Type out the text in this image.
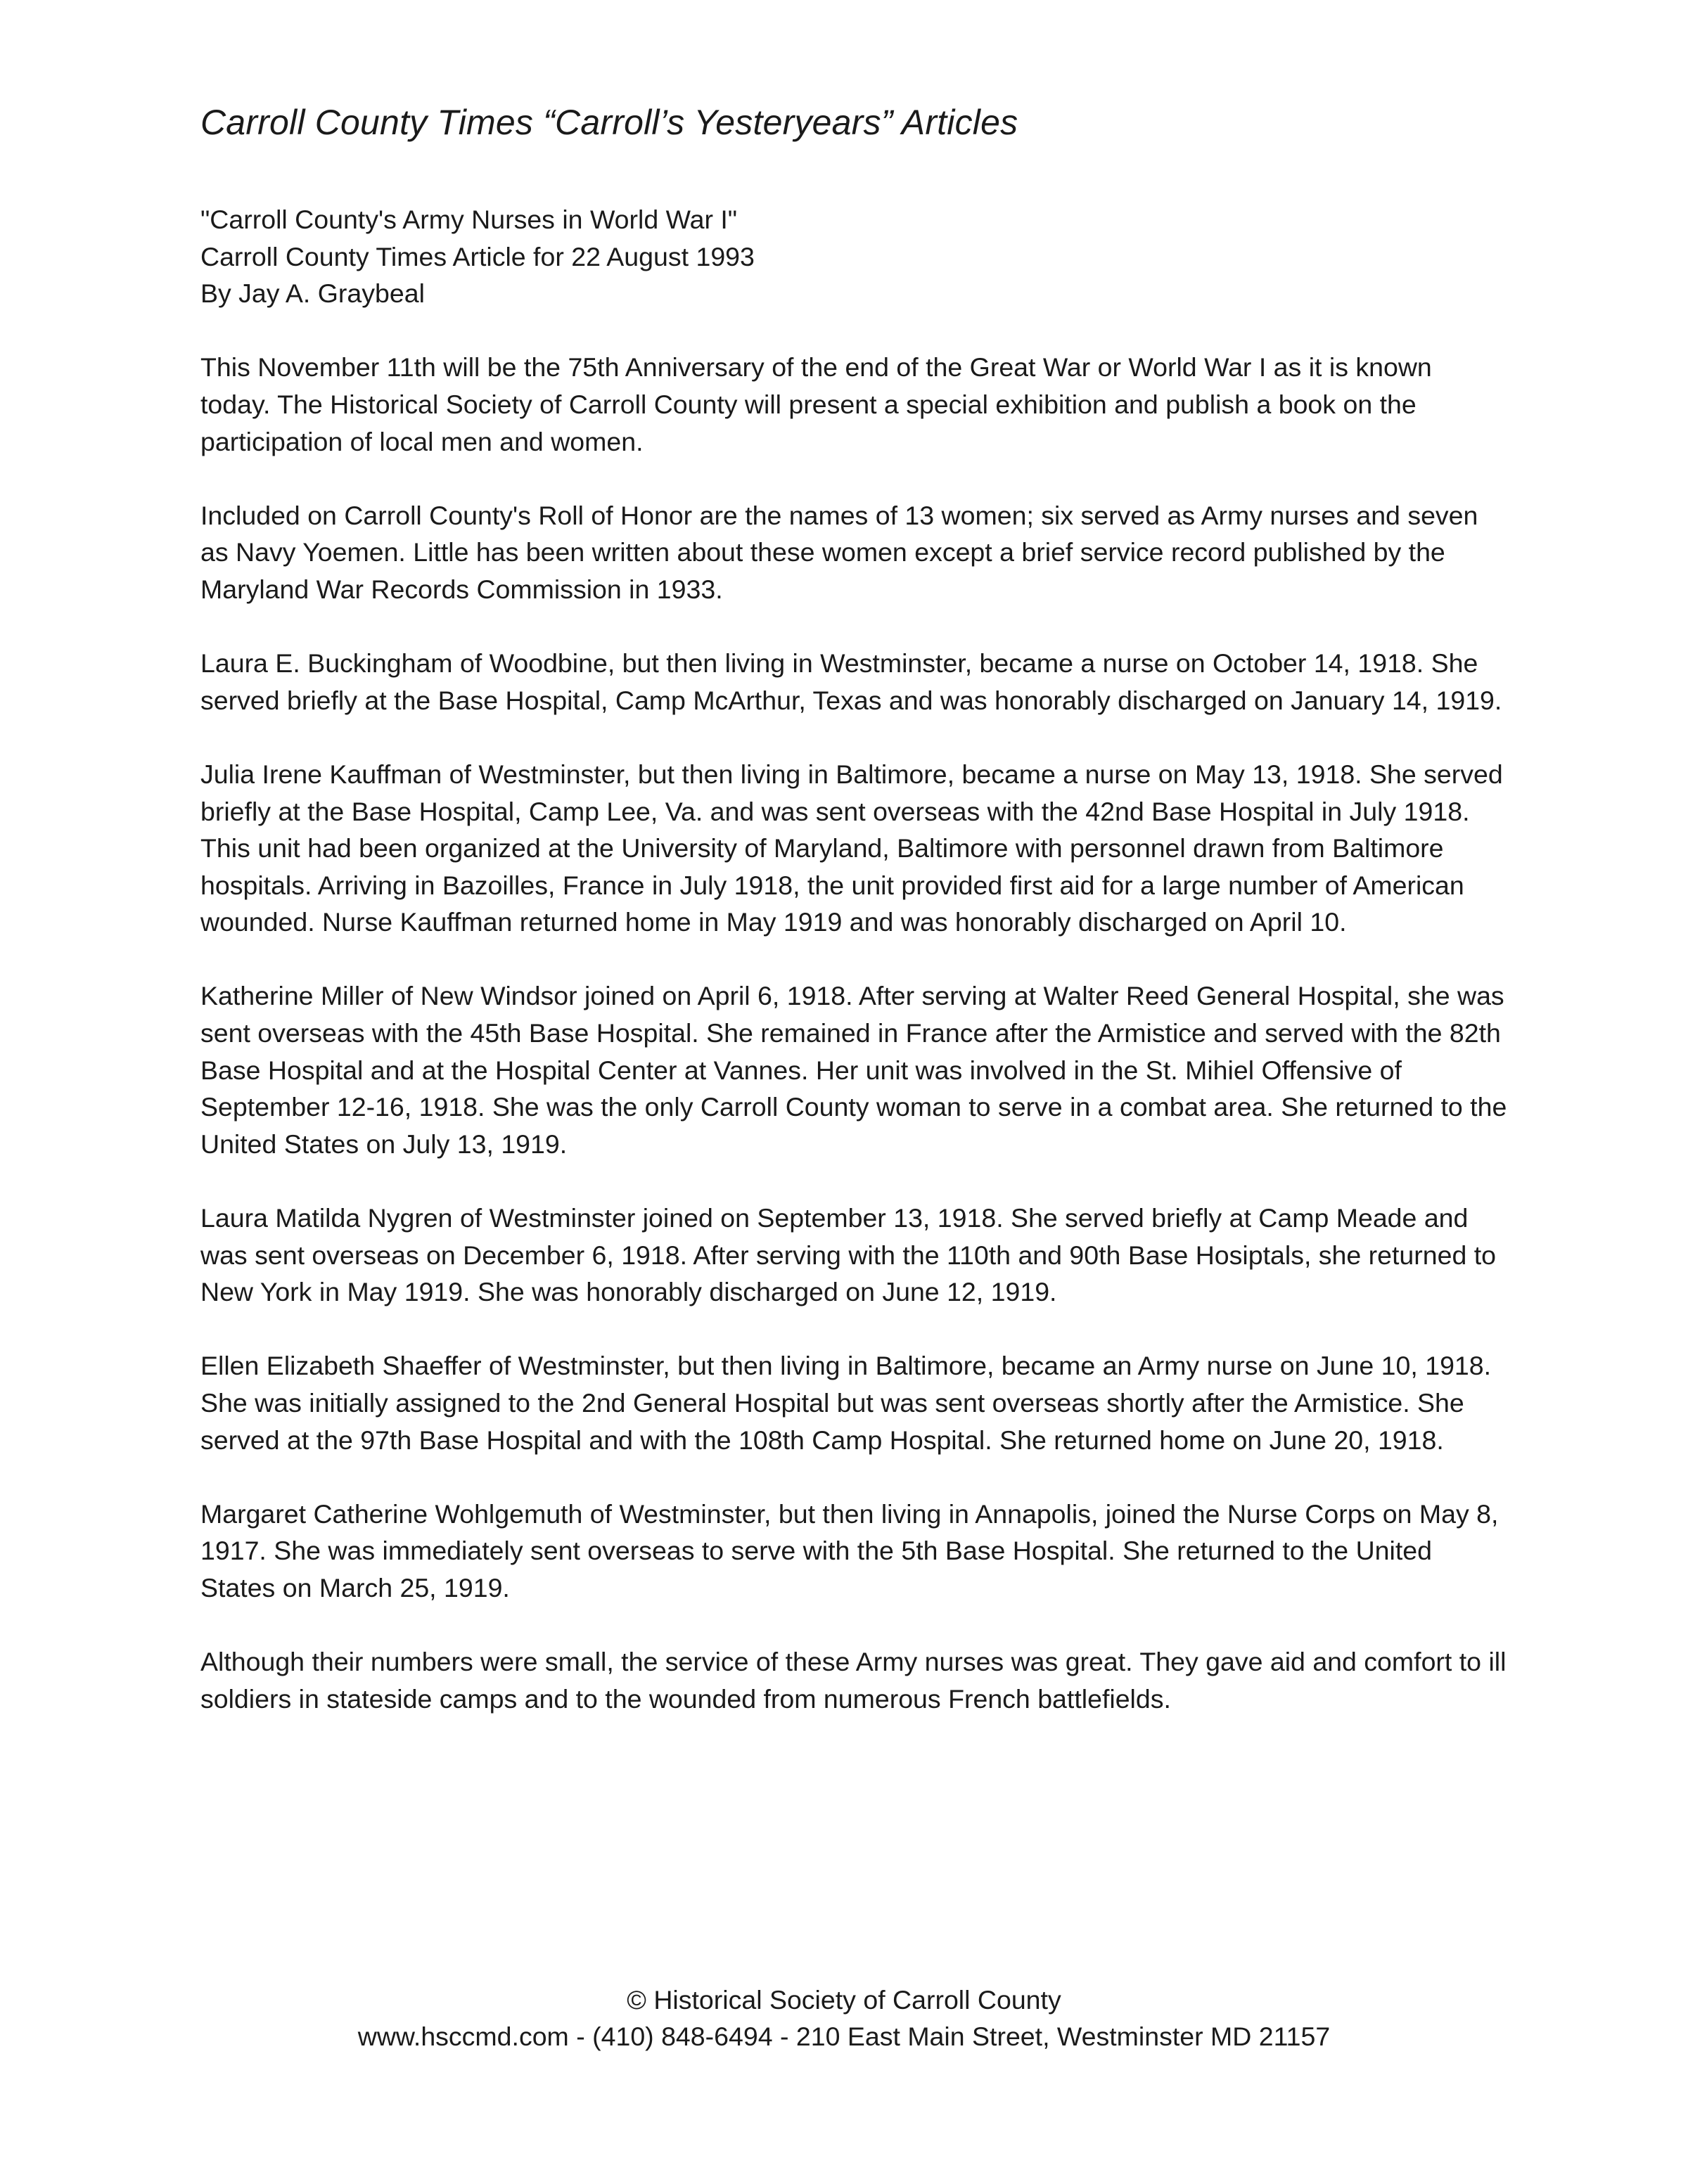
Carroll County Times “Carroll’s Yesteryears” Articles
"Carroll County's Army Nurses in World War I"
Carroll County Times Article for 22 August 1993
By Jay A. Graybeal

This November 11th will be the 75th Anniversary of the end of the Great War or World War I as it is known today. The Historical Society of Carroll County will present a special exhibition and publish a book on the participation of local men and women.

Included on Carroll County's Roll of Honor are the names of 13 women; six served as Army nurses and seven as Navy Yoemen. Little has been written about these women except a brief service record published by the Maryland War Records Commission in 1933.

Laura E. Buckingham of Woodbine, but then living in Westminster, became a nurse on October 14, 1918. She served briefly at the Base Hospital, Camp McArthur, Texas and was honorably discharged on January 14, 1919.

Julia Irene Kauffman of Westminster, but then living in Baltimore, became a nurse on May 13, 1918. She served briefly at the Base Hospital, Camp Lee, Va. and was sent overseas with the 42nd Base Hospital in July 1918. This unit had been organized at the University of Maryland, Baltimore with personnel drawn from Baltimore hospitals. Arriving in Bazoilles, France in July 1918, the unit provided first aid for a large number of American wounded. Nurse Kauffman returned home in May 1919 and was honorably discharged on April 10.

Katherine Miller of New Windsor joined on April 6, 1918. After serving at Walter Reed General Hospital, she was sent overseas with the 45th Base Hospital. She remained in France after the Armistice and served with the 82th Base Hospital and at the Hospital Center at Vannes. Her unit was involved in the St. Mihiel Offensive of September 12-16, 1918. She was the only Carroll County woman to serve in a combat area. She returned to the United States on July 13, 1919.

Laura Matilda Nygren of Westminster joined on September 13, 1918. She served briefly at Camp Meade and was sent overseas on December 6, 1918. After serving with the 110th and 90th Base Hosiptals, she returned to New York in May 1919. She was honorably discharged on June 12, 1919.

Ellen Elizabeth Shaeffer of Westminster, but then living in Baltimore, became an Army nurse on June 10, 1918. She was initially assigned to the 2nd General Hospital but was sent overseas shortly after the Armistice. She served at the 97th Base Hospital and with the 108th Camp Hospital. She returned home on June 20, 1918.

Margaret Catherine Wohlgemuth of Westminster, but then living in Annapolis, joined the Nurse Corps on May 8, 1917. She was immediately sent overseas to serve with the 5th Base Hospital. She returned to the United States on March 25, 1919.

Although their numbers were small, the service of these Army nurses was great. They gave aid and comfort to ill soldiers in stateside camps and to the wounded from numerous French battlefields.

© Historical Society of Carroll County
www.hsccmd.com - (410) 848-6494 - 210 East Main Street, Westminster MD 21157
